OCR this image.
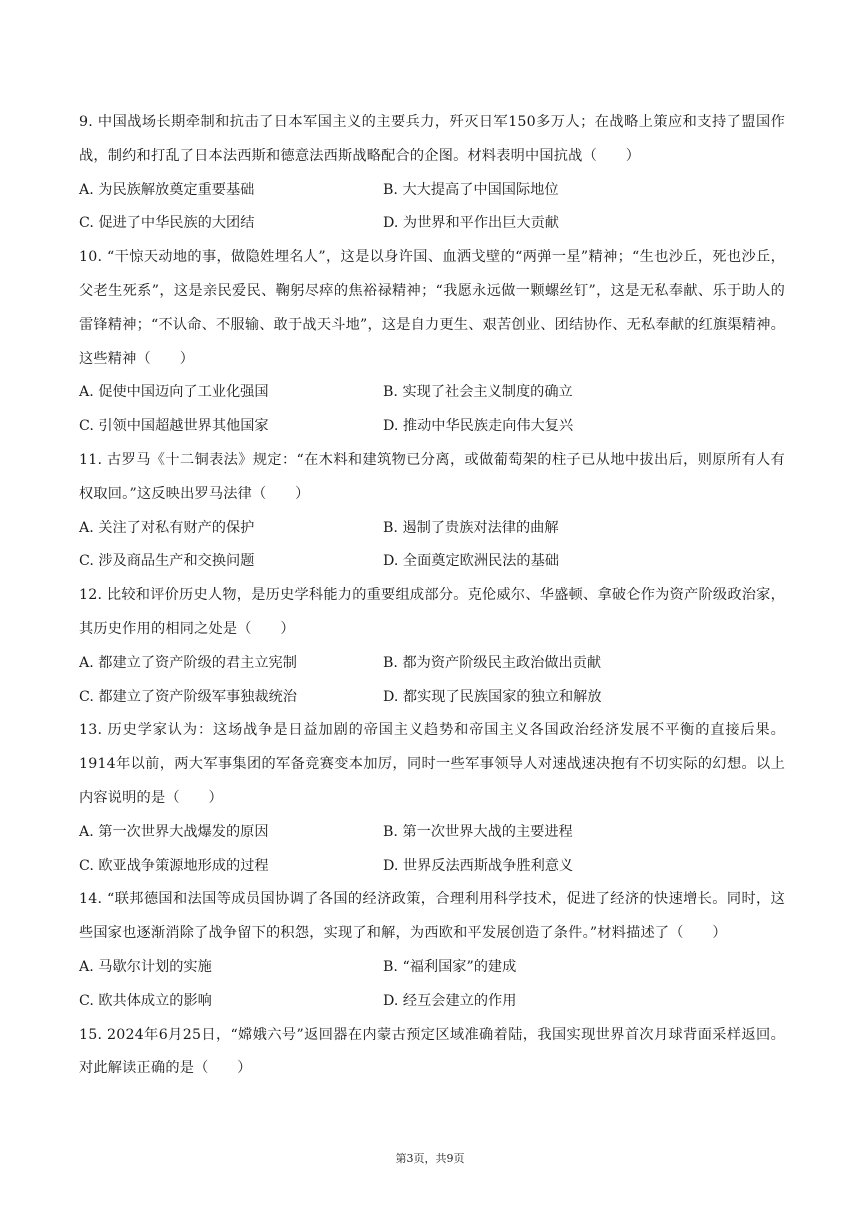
9. 中国战场长期牵制和抗击了日本军国主义的主要兵力，歼灭日军150多万人；在战略上策应和支持了盟国作战，制约和打乱了日本法西斯和德意法西斯战略配合的企图。材料表明中国抗战（　　）

A. 为民族解放奠定重要基础	B. 大大提高了中国国际地位
C. 促进了中华民族的大团结	D. 为世界和平作出巨大贡献

10. “干惊天动地的事，做隐姓埋名人”，这是以身许国、血洒戈壁的“两弹一星”精神；“生也沙丘，死也沙丘，父老生死系”，这是亲民爱民、鞠躬尽瘁的焦裕禄精神；“我愿永远做一颗螺丝钉”，这是无私奉献、乐于助人的雷锋精神；“不认命、不服输、敢于战天斗地”，这是自力更生、艰苦创业、团结协作、无私奉献的红旗渠精神。这些精神（　　）

A. 促使中国迈向了工业化强国	B. 实现了社会主义制度的确立
C. 引领中国超越世界其他国家	D. 推动中华民族走向伟大复兴

11. 古罗马《十二铜表法》规定：“在木料和建筑物已分离，或做葡萄架的柱子已从地中拔出后，则原所有人有权取回。”这反映出罗马法律（　　）

A. 关注了对私有财产的保护	B. 遏制了贵族对法律的曲解
C. 涉及商品生产和交换问题	D. 全面奠定欧洲民法的基础

12. 比较和评价历史人物，是历史学科能力的重要组成部分。克伦威尔、华盛顿、拿破仑作为资产阶级政治家，其历史作用的相同之处是（　　）

A. 都建立了资产阶级的君主立宪制	B. 都为资产阶级民主政治做出贡献
C. 都建立了资产阶级军事独裁统治	D. 都实现了民族国家的独立和解放

13. 历史学家认为：这场战争是日益加剧的帝国主义趋势和帝国主义各国政治经济发展不平衡的直接后果。1914年以前，两大军事集团的军备竞赛变本加厉，同时一些军事领导人对速战速决抱有不切实际的幻想。以上内容说明的是（　　）

A. 第一次世界大战爆发的原因	B. 第一次世界大战的主要进程
C. 欧亚战争策源地形成的过程	D. 世界反法西斯战争胜利意义

14. “联邦德国和法国等成员国协调了各国的经济政策，合理利用科学技术，促进了经济的快速增长。同时，这些国家也逐渐消除了战争留下的积怨，实现了和解，为西欧和平发展创造了条件。”材料描述了（　　）

A. 马歇尔计划的实施	B. “福利国家”的建成
C. 欧共体成立的影响	D. 经互会建立的作用

15. 2024年6月25日，“嫦娥六号”返回器在内蒙古预定区域准确着陆，我国实现世界首次月球背面采样返回。对此解读正确的是（　　）

第3页，共9页
